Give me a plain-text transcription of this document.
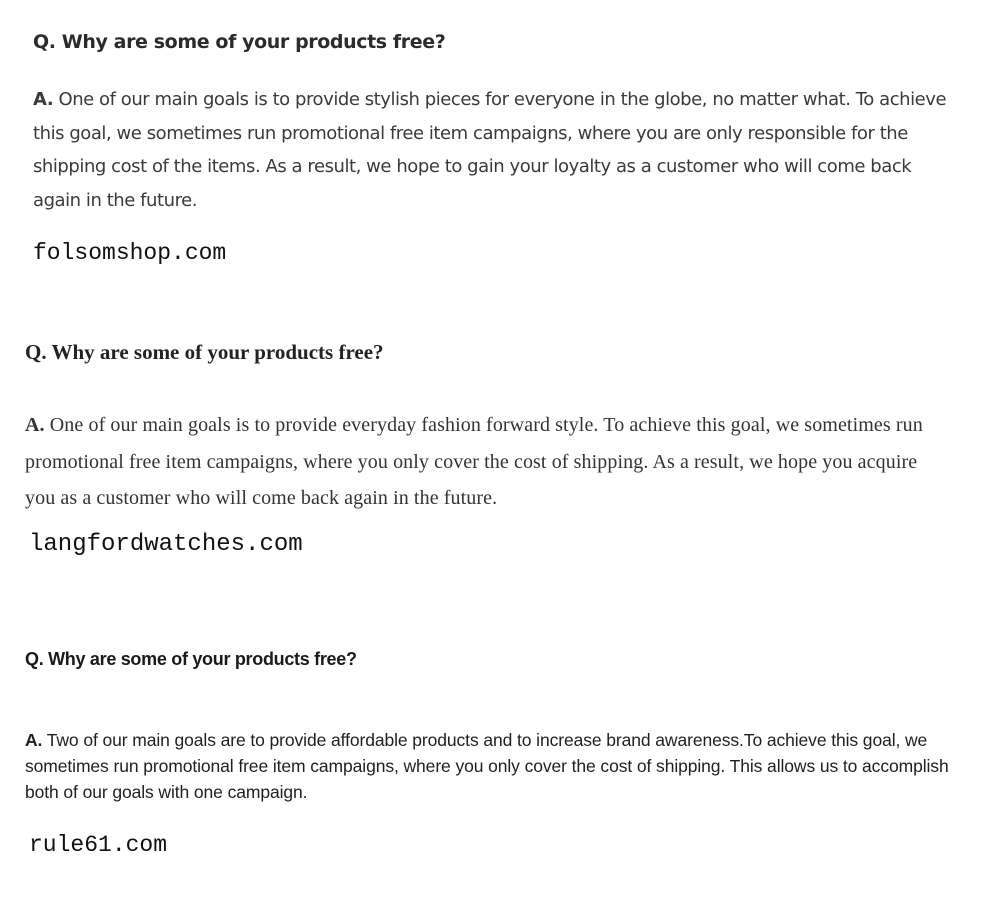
Q. Why are some of your products free?

A. One of our main goals is to provide stylish pieces for everyone in the globe, no matter what. To achieve this goal, we sometimes run promotional free item campaigns, where you are only responsible for the shipping cost of the items. As a result, we hope to gain your loyalty as a customer who will come back again in the future.

folsomshop.com

Q. Why are some of your products free?

A. One of our main goals is to provide everyday fashion forward style. To achieve this goal, we sometimes run promotional free item campaigns, where you only cover the cost of shipping. As a result, we hope you acquire you as a customer who will come back again in the future.

langfordwatches.com

Q. Why are some of your products free?

A. Two of our main goals are to provide affordable products and to increase brand awareness.To achieve this goal, we sometimes run promotional free item campaigns, where you only cover the cost of shipping. This allows us to accomplish both of our goals with one campaign.

rule61.com
